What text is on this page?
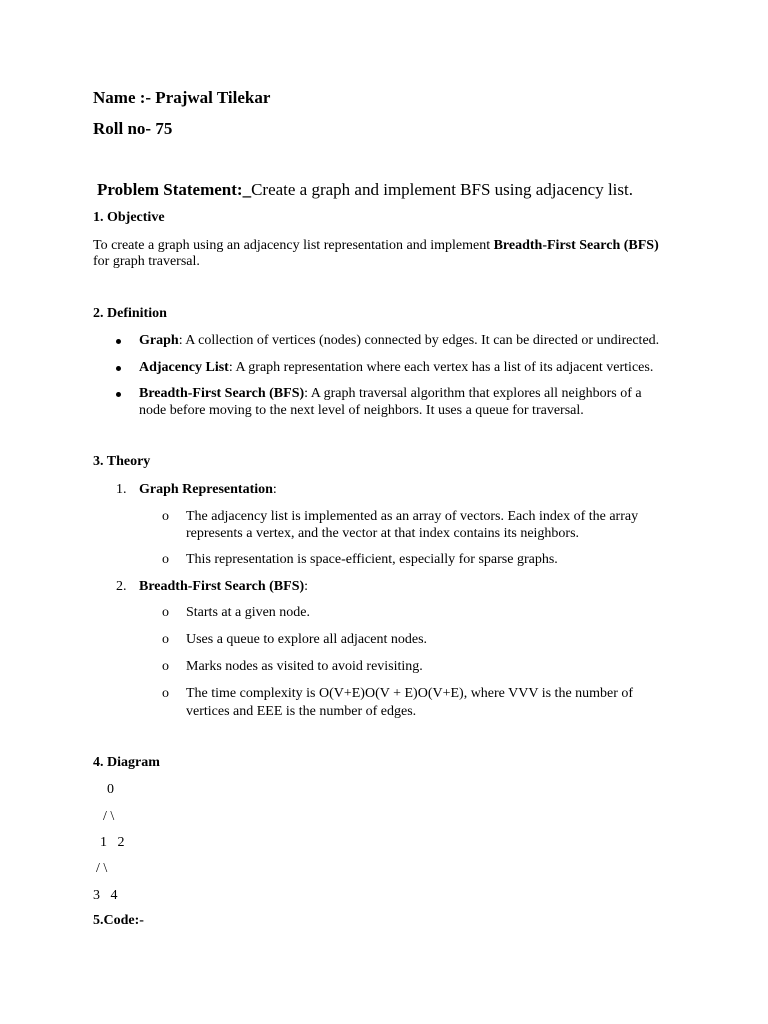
Name :- Prajwal Tilekar
Roll no- 75
Problem Statement:_Create a graph and implement BFS using adjacency list.
1. Objective
To create a graph using an adjacency list representation and implement Breadth-First Search (BFS)
for graph traversal.
2. Definition
Graph: A collection of vertices (nodes) connected by edges. It can be directed or undirected.
Adjacency List: A graph representation where each vertex has a list of its adjacent vertices.
Breadth-First Search (BFS): A graph traversal algorithm that explores all neighbors of a
node before moving to the next level of neighbors. It uses a queue for traversal.
3. Theory
1. Graph Representation:
o The adjacency list is implemented as an array of vectors. Each index of the array
represents a vertex, and the vector at that index contains its neighbors.
o This representation is space-efficient, especially for sparse graphs.
2. Breadth-First Search (BFS):
o Starts at a given node.
o Uses a queue to explore all adjacent nodes.
o Marks nodes as visited to avoid revisiting.
o The time complexity is O(V+E)O(V + E)O(V+E), where VVV is the number of
vertices and EEE is the number of edges.
4. Diagram
0
/ \
1   2
/ \
3   4
5.Code:-
